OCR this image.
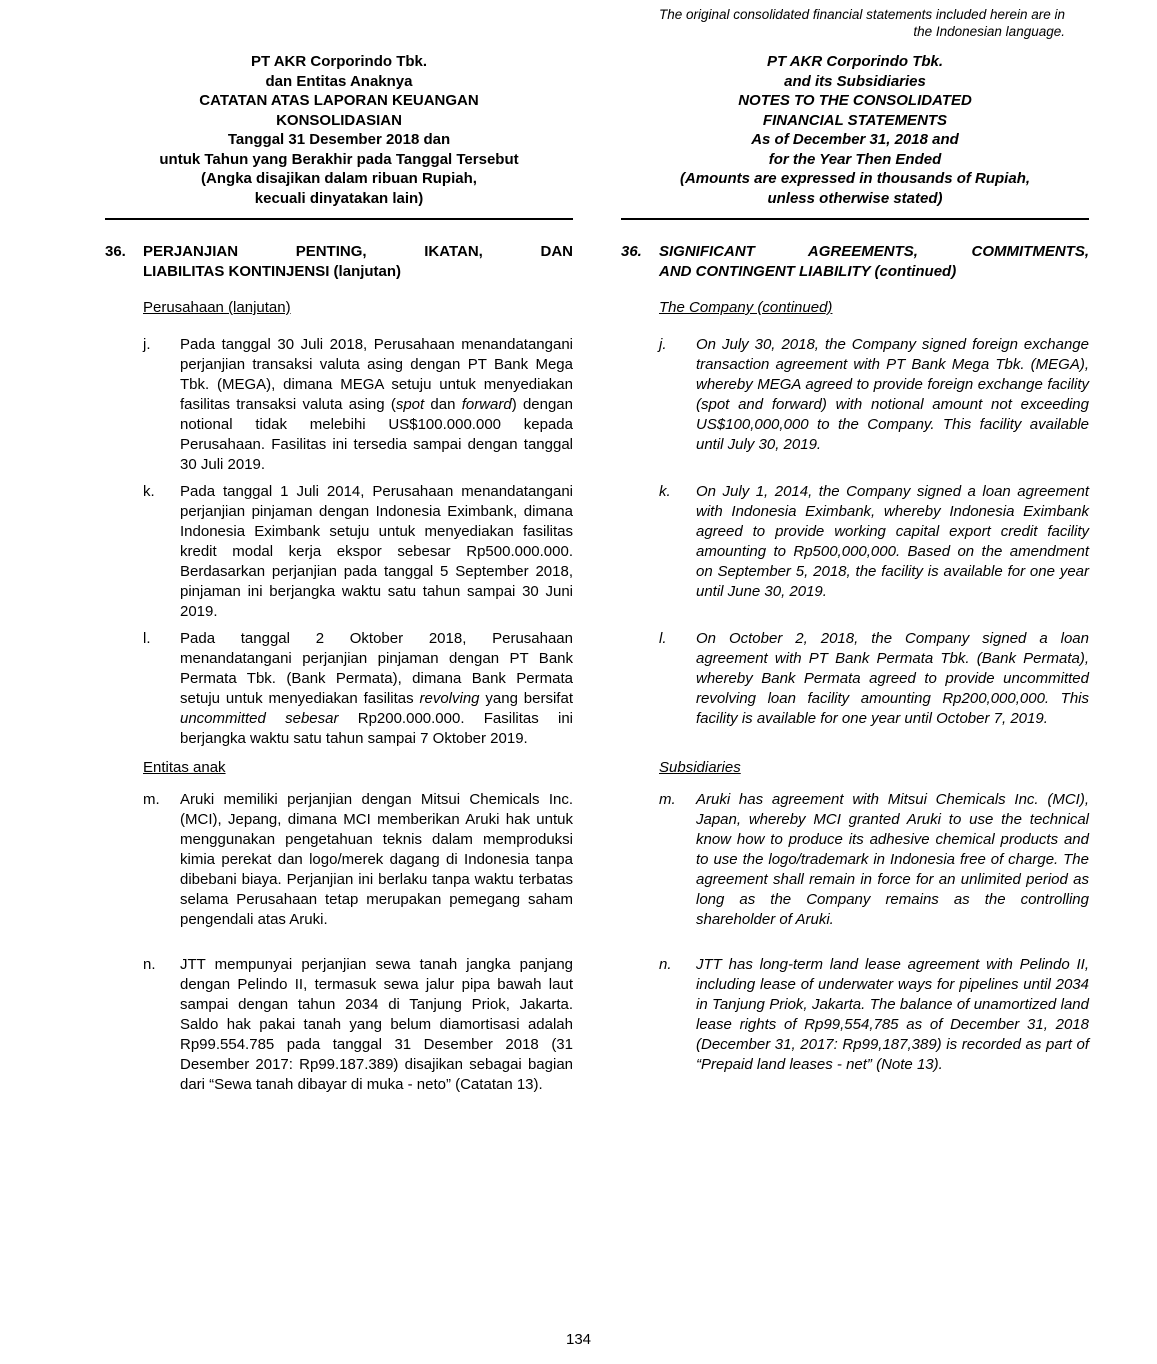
The original consolidated financial statements included herein are in
the Indonesian language.
PT AKR Corporindo Tbk.
dan Entitas Anaknya
CATATAN ATAS LAPORAN KEUANGAN
KONSOLIDASIAN
Tanggal 31 Desember 2018 dan
untuk Tahun yang Berakhir pada Tanggal Tersebut
(Angka disajikan dalam ribuan Rupiah,
kecuali dinyatakan lain)
PT AKR Corporindo Tbk.
and its Subsidiaries
NOTES TO THE CONSOLIDATED
FINANCIAL STATEMENTS
As of December 31, 2018 and
for the Year Then Ended
(Amounts are expressed in thousands of Rupiah,
unless otherwise stated)
36.	PERJANJIAN PENTING, IKATAN, DAN
LIABILITAS KONTINJENSI (lanjutan)
36.	SIGNIFICANT AGREEMENTS, COMMITMENTS,
AND CONTINGENT LIABILITY (continued)
Perusahaan (lanjutan)	The Company (continued)
j.	Pada tanggal 30 Juli 2018, Perusahaan menandatangani perjanjian transaksi valuta asing dengan PT Bank Mega Tbk. (MEGA), dimana MEGA setuju untuk menyediakan fasilitas transaksi valuta asing (spot dan forward) dengan notional tidak melebihi US$100.000.000 kepada Perusahaan. Fasilitas ini tersedia sampai dengan tanggal 30 Juli 2019.

j.	On July 30, 2018, the Company signed foreign exchange transaction agreement with PT Bank Mega Tbk. (MEGA), whereby MEGA agreed to provide foreign exchange facility (spot and forward) with notional amount not exceeding US$100,000,000 to the Company. This facility available until July 30, 2019.

k.	Pada tanggal 1 Juli 2014, Perusahaan menandatangani perjanjian pinjaman dengan Indonesia Eximbank, dimana Indonesia Eximbank setuju untuk menyediakan fasilitas kredit modal kerja ekspor sebesar Rp500.000.000. Berdasarkan perjanjian pada tanggal 5 September 2018, pinjaman ini berjangka waktu satu tahun sampai 30 Juni 2019.

k.	On July 1, 2014, the Company signed a loan agreement with Indonesia Eximbank, whereby Indonesia Eximbank agreed to provide working capital export credit facility amounting to Rp500,000,000. Based on the amendment on September 5, 2018, the facility is available for one year until June 30, 2019.

l.	Pada tanggal 2 Oktober 2018, Perusahaan menandatangani perjanjian pinjaman dengan PT Bank Permata Tbk. (Bank Permata), dimana Bank Permata setuju untuk menyediakan fasilitas revolving yang bersifat uncommitted sebesar Rp200.000.000. Fasilitas ini berjangka waktu satu tahun sampai 7 Oktober 2019.

l.	On October 2, 2018, the Company signed a loan agreement with PT Bank Permata Tbk. (Bank Permata), whereby Bank Permata agreed to provide uncommitted revolving loan facility amounting Rp200,000,000. This facility is available for one year until October 7, 2019.

Entitas anak	Subsidiaries
m.	Aruki memiliki perjanjian dengan Mitsui Chemicals Inc. (MCI), Jepang, dimana MCI memberikan Aruki hak untuk menggunakan pengetahuan teknis dalam memproduksi kimia perekat dan logo/merek dagang di Indonesia tanpa dibebani biaya. Perjanjian ini berlaku tanpa waktu terbatas selama Perusahaan tetap merupakan pemegang saham pengendali atas Aruki.

m.	Aruki has agreement with Mitsui Chemicals Inc. (MCI), Japan, whereby MCI granted Aruki to use the technical know how to produce its adhesive chemical products and to use the logo/trademark in Indonesia free of charge. The agreement shall remain in force for an unlimited period as long as the Company remains as the controlling shareholder of Aruki.

n.	JTT mempunyai perjanjian sewa tanah jangka panjang dengan Pelindo II, termasuk sewa jalur pipa bawah laut sampai dengan tahun 2034 di Tanjung Priok, Jakarta. Saldo hak pakai tanah yang belum diamortisasi adalah Rp99.554.785 pada tanggal 31 Desember 2018 (31 Desember 2017: Rp99.187.389) disajikan sebagai bagian dari “Sewa tanah dibayar di muka - neto” (Catatan 13).

n.	JTT has long-term land lease agreement with Pelindo II, including lease of underwater ways for pipelines until 2034 in Tanjung Priok, Jakarta. The balance of unamortized land lease rights of Rp99,554,785 as of December 31, 2018 (December 31, 2017: Rp99,187,389) is recorded as part of “Prepaid land leases - net” (Note 13).

134
